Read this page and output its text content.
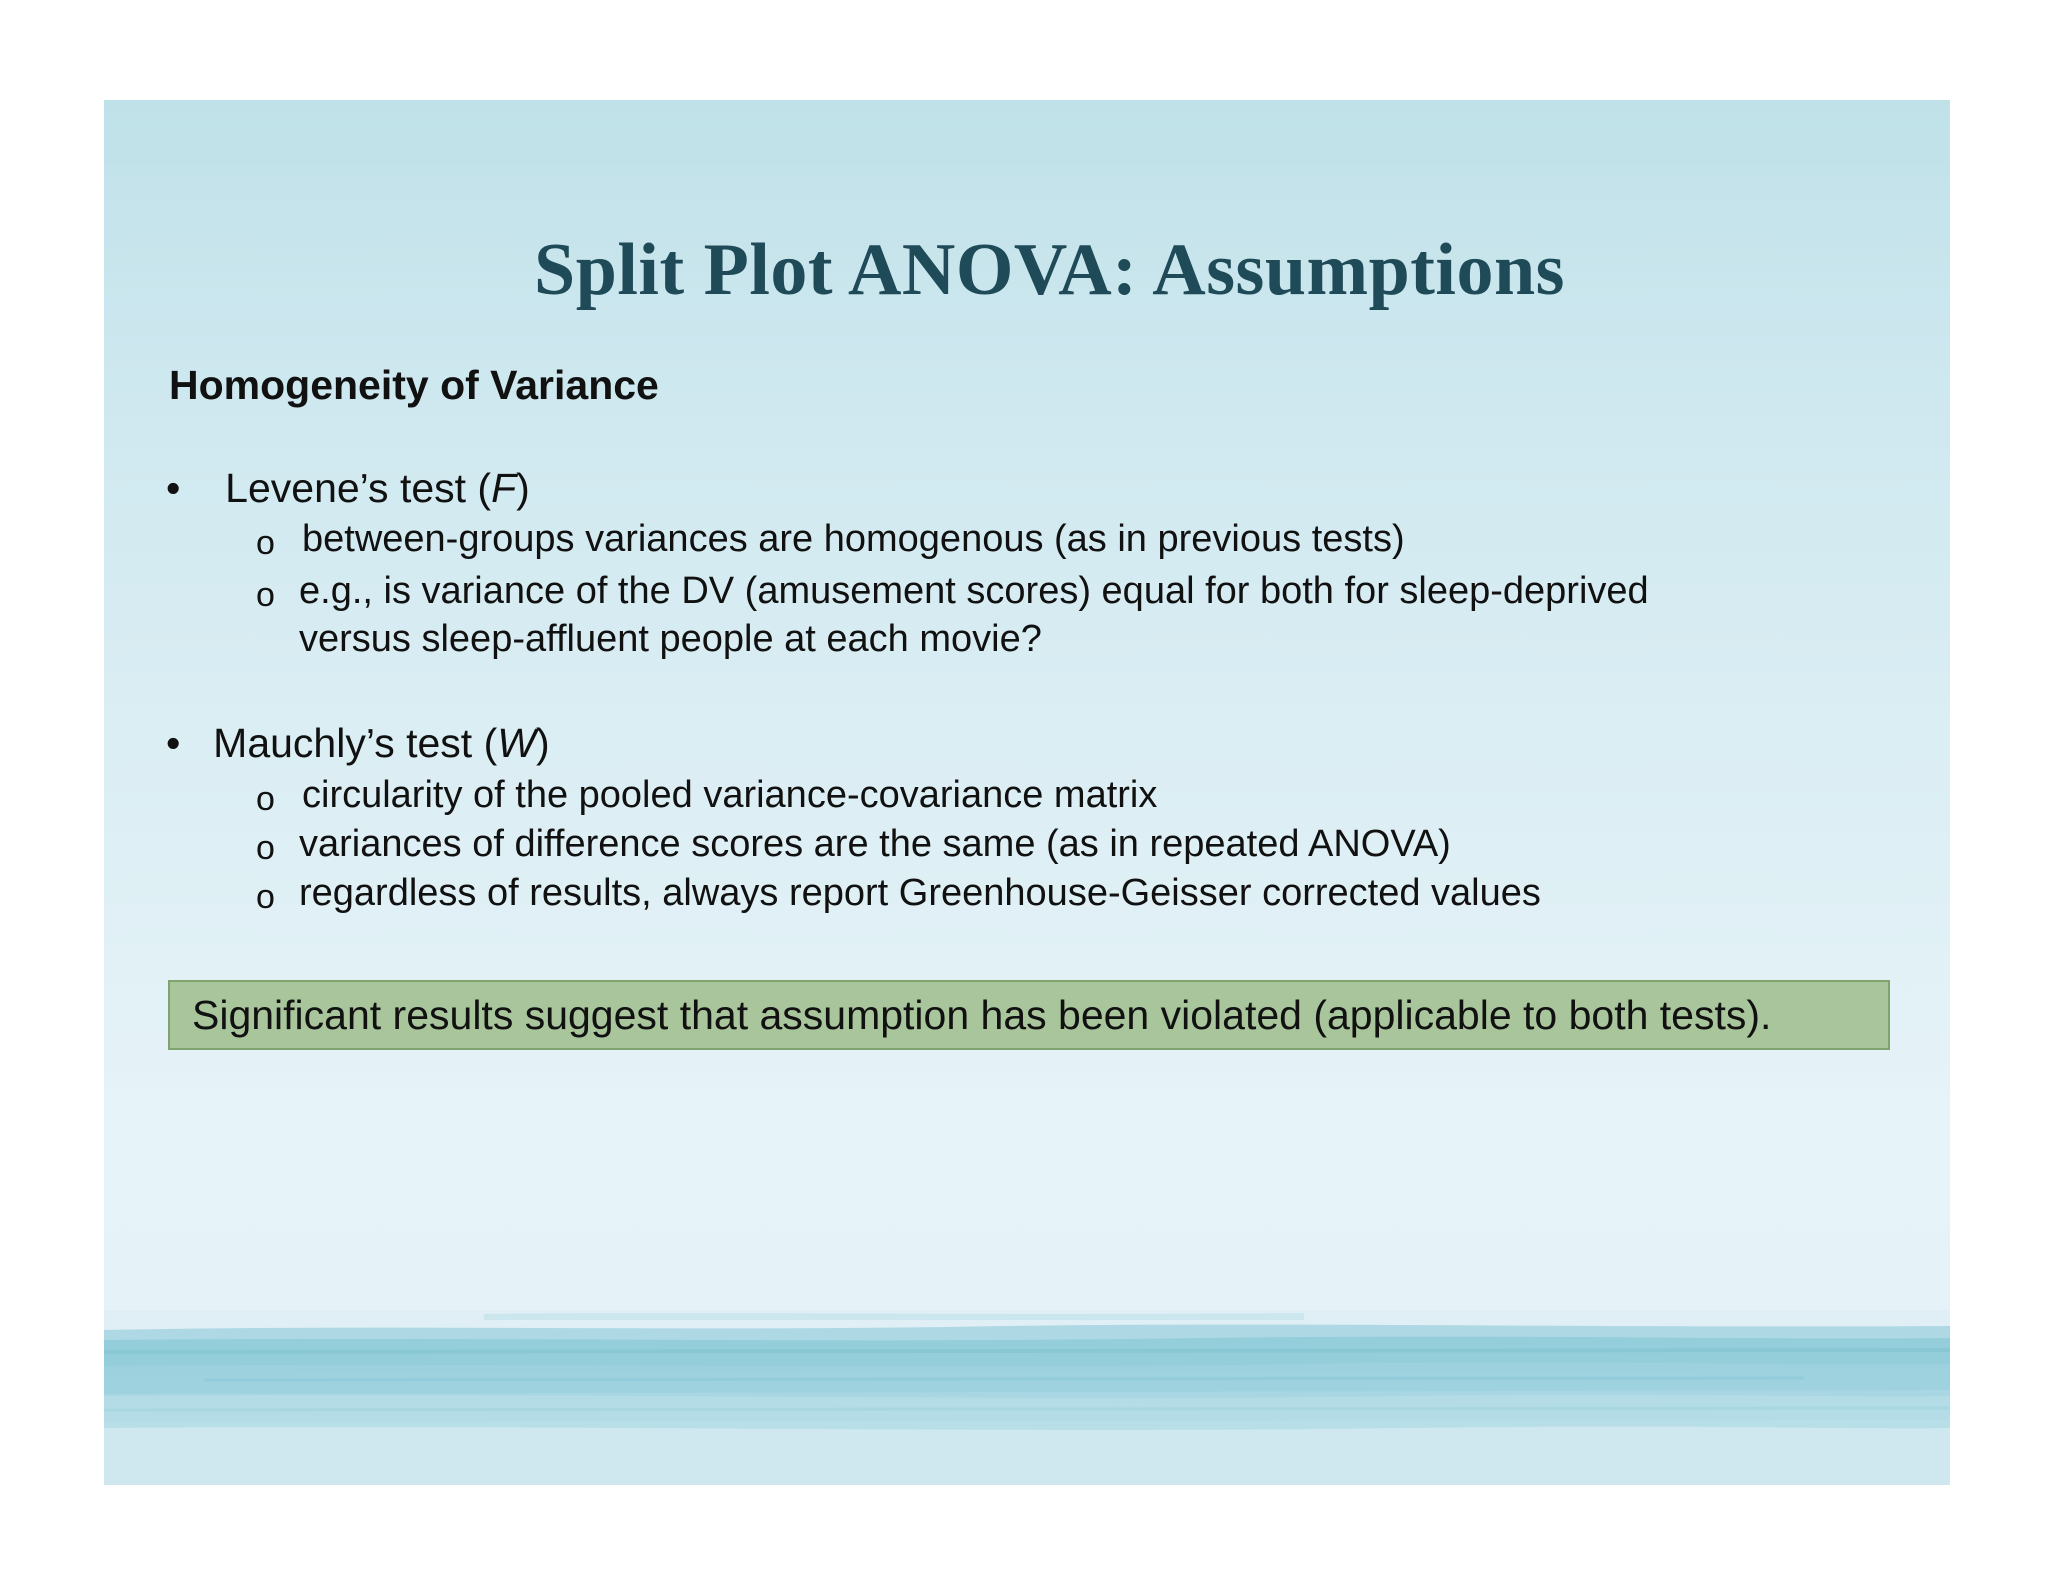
Split Plot ANOVA: Assumptions
Homogeneity of Variance
• Levene’s test (F)
o between-groups variances are homogenous (as in previous tests)
o e.g., is variance of the DV (amusement scores) equal for both for sleep-deprived
versus sleep-affluent people at each movie?
• Mauchly’s test (W)
o circularity of the pooled variance-covariance matrix
o variances of difference scores are the same (as in repeated ANOVA)
o regardless of results, always report Greenhouse-Geisser corrected values
Significant results suggest that assumption has been violated (applicable to both tests).
